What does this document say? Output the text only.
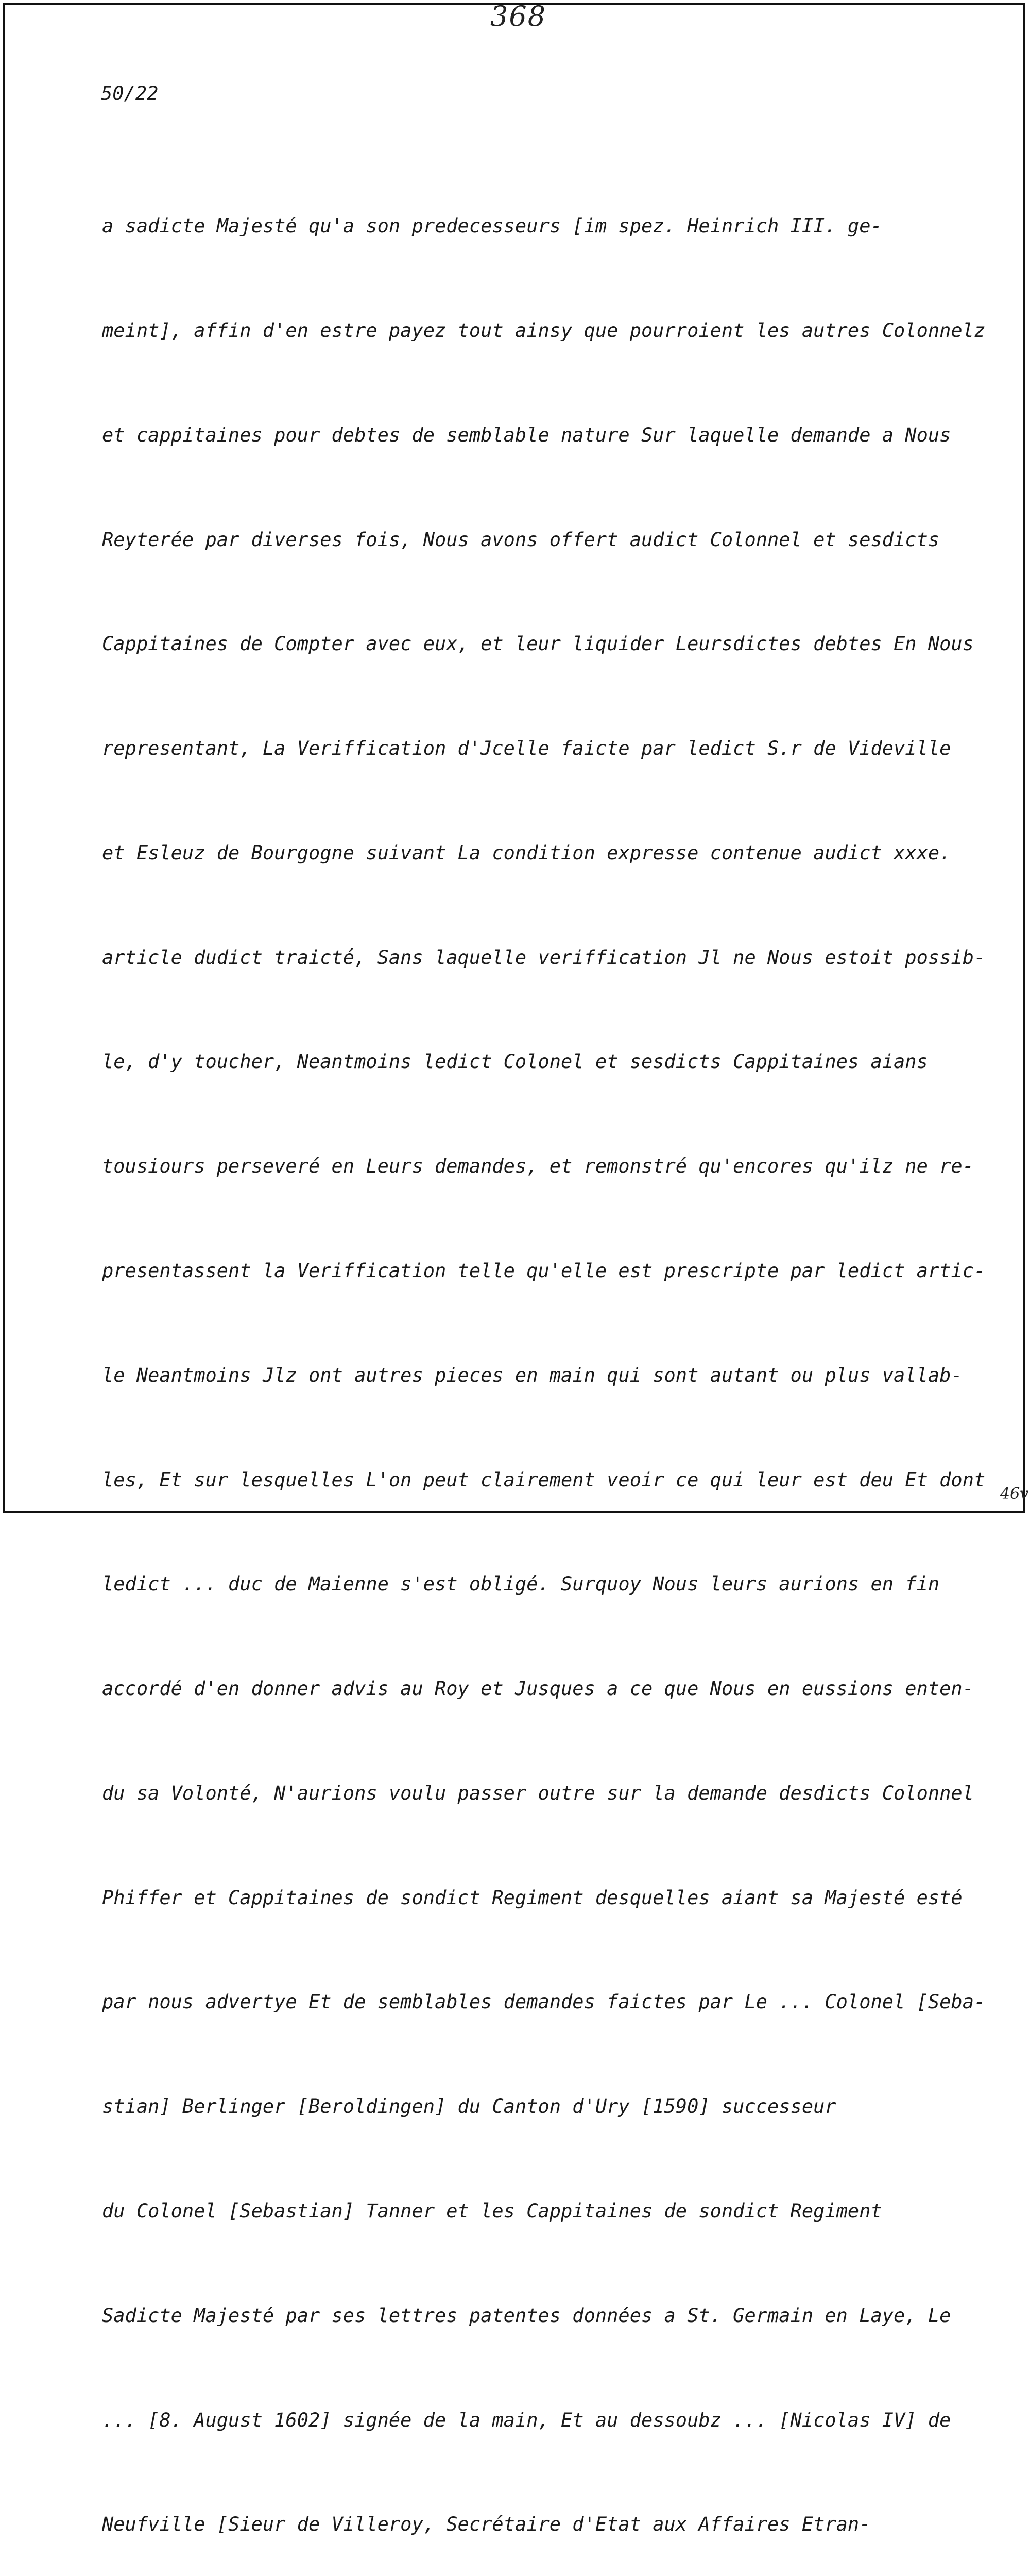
368
50/22

a sadicte Majesté qu'a son predecesseurs [im spez. Heinrich III. ge-

meint], affin d'en estre payez tout ainsy que pourroient les autres Colonnelz

et cappitaines pour debtes de semblable nature Sur laquelle demande a Nous

Reyterée par diverses fois, Nous avons offert audict Colonnel et sesdicts

Cappitaines de Compter avec eux, et leur liquider Leursdictes debtes En Nous

representant, La Veriffication d'Jcelle faicte par ledict S.r de Videville

et Esleuz de Bourgogne suivant La condition expresse contenue audict xxxe.

article dudict traicté, Sans laquelle veriffication Jl ne Nous estoit possib-

le, d'y toucher, Neantmoins ledict Colonel et sesdicts Cappitaines aians

tousiours perseveré en Leurs demandes, et remonstré qu'encores qu'ilz ne re-

presentassent la Veriffication telle qu'elle est prescripte par ledict artic-

le Neantmoins Jlz ont autres pieces en main qui sont autant ou plus vallab-

les, Et sur lesquelles L'on peut clairement veoir ce qui leur est deu Et dont

ledict ... duc de Maienne s'est obligé. Surquoy Nous leurs aurions en fin

accordé d'en donner advis au Roy et Jusques a ce que Nous en eussions enten-

du sa Volonté, N'aurions voulu passer outre sur la demande desdicts Colonnel

Phiffer et Cappitaines de sondict Regiment desquelles aiant sa Majesté esté

par nous advertye Et de semblables demandes faictes par Le ... Colonel [Seba-

stian] Berlinger [Beroldingen] du Canton d'Ury [1590] successeur

du Colonel [Sebastian] Tanner et les Cappitaines de sondict Regiment

Sadicte Majesté par ses lettres patentes données a St. Germain en Laye, Le

... [8. August 1602] signée de la main, Et au dessoubz ... [Nicolas IV] de

Neufville [Sieur de Villeroy, Secrétaire d'Etat aux Affaires Etran-

46v
